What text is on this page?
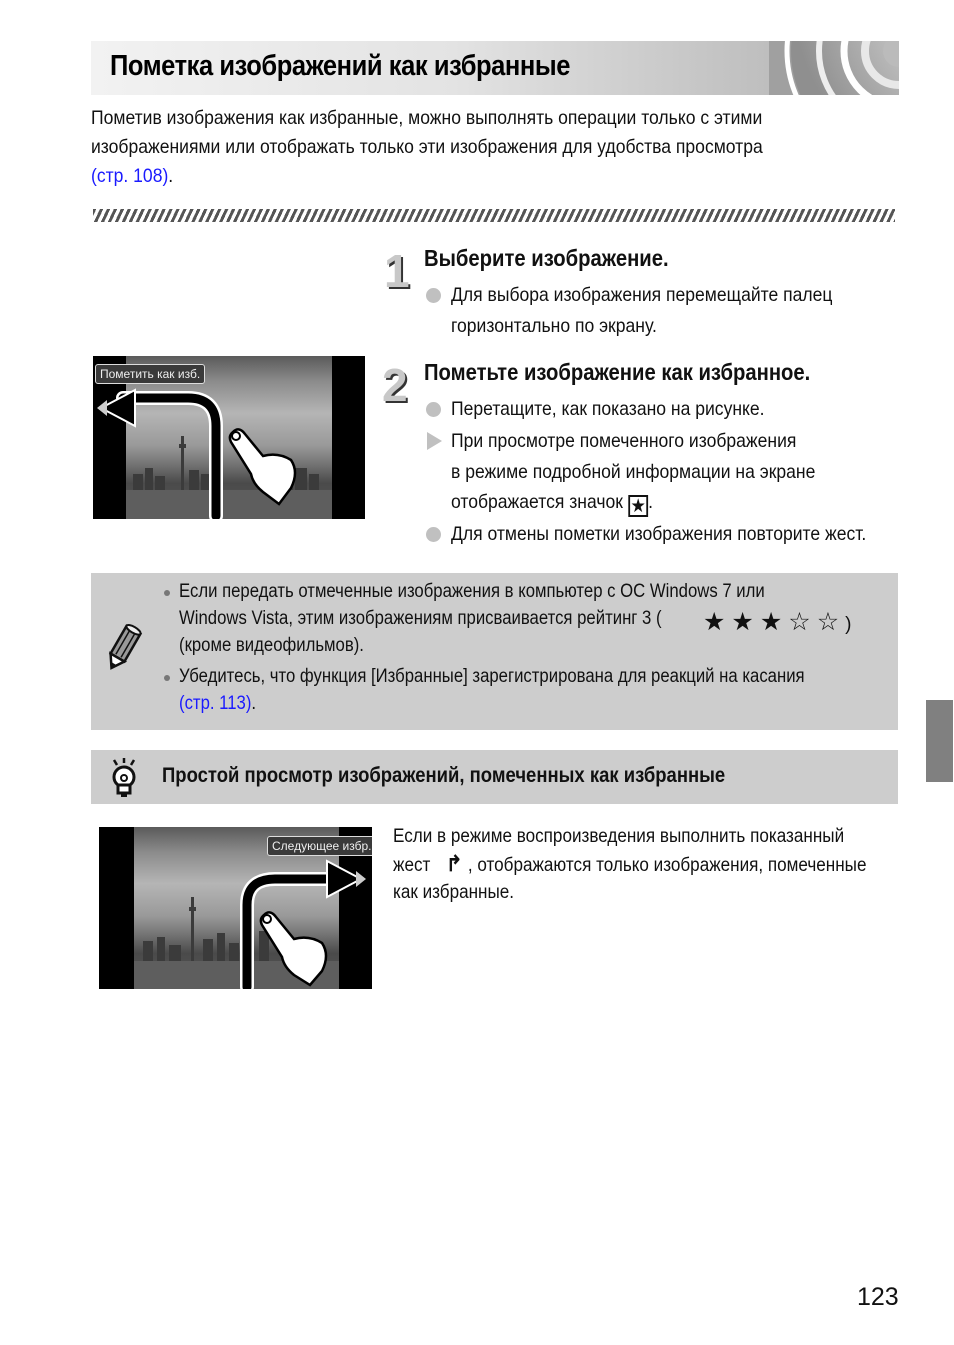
Пометка изображений как избранные
Пометив изображения как избранные, можно выполнять операции только с этими
изображениями или отображать только эти изображения для удобства просмотра
(стр. 108).
1 Выберите изображение.
Для выбора изображения перемещайте палец
горизонтально по экрану.
Пометить как изб.	2 Пометьте изображение как избранное.
Перетащите, как показано на рисунке.
При просмотре помеченного изображения
в режиме подробной информации на экране
отображается значок ★ .
Для отмены пометки изображения повторите жест.
Если передать отмеченные изображения в компьютер с ОС Windows 7 или
Windows Vista, этим изображениям присваивается рейтинг 3 ( ★★★☆☆)
(кроме видеофильмов).
Убедитесь, что функция [Избранные] зарегистрирована для реакций на касания
(стр. 113).
Простой просмотр изображений, помеченных как избранные
Следующее избр. Если в режиме воспроизведения выполнить показанный
жест ↱ , отображаются только изображения, помеченные
как избранные.
123
